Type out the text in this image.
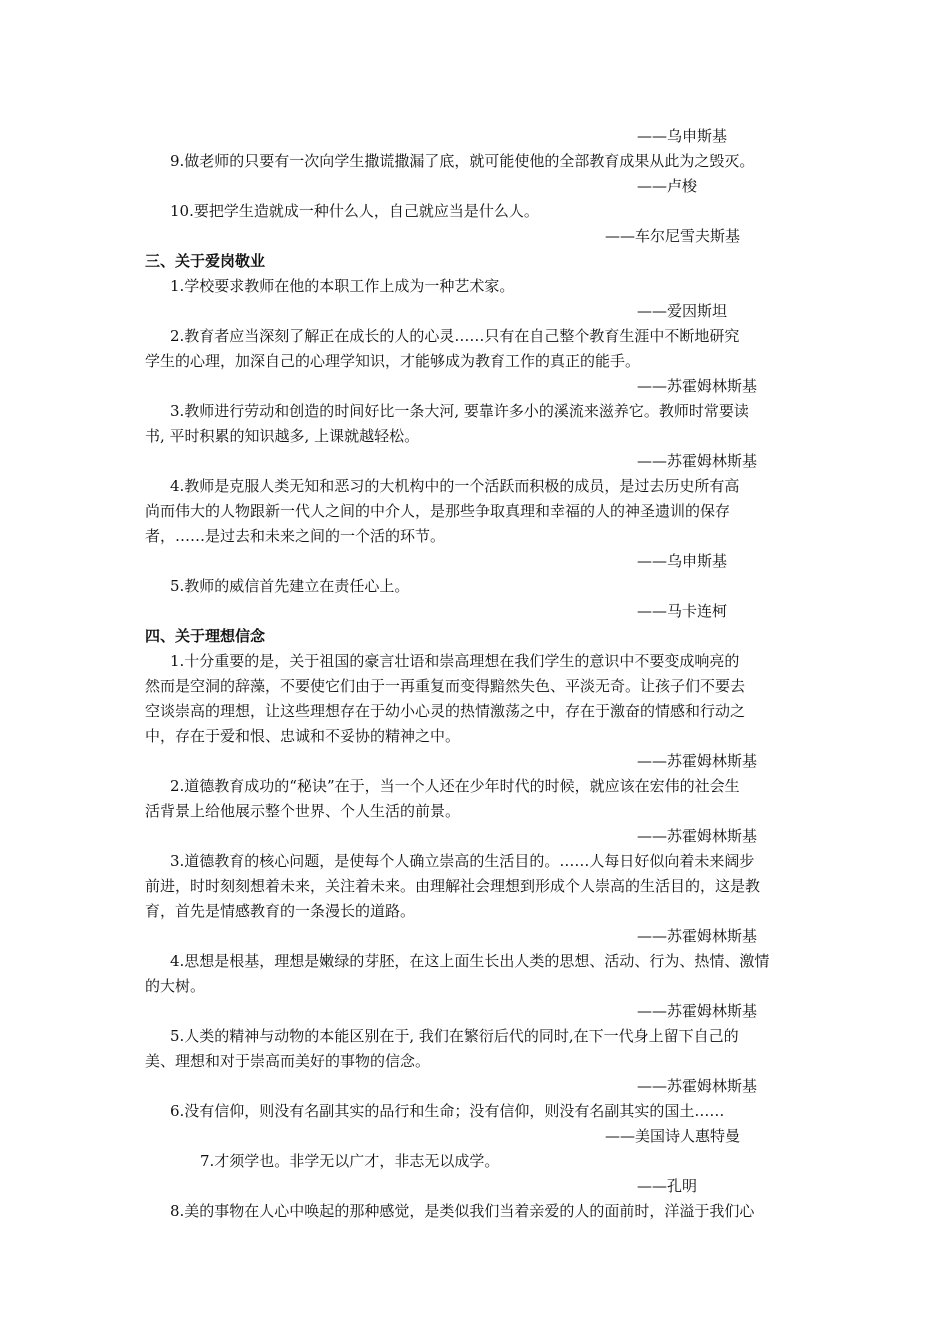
——乌申斯基
9.做老师的只要有一次向学生撒谎撒漏了底，就可能使他的全部教育成果从此为之毁灭。
——卢梭
10.要把学生造就成一种什么人，自己就应当是什么人。
——车尔尼雪夫斯基
三、关于爱岗敬业
1.学校要求教师在他的本职工作上成为一种艺术家。
——爱因斯坦
2.教育者应当深刻了解正在成长的人的心灵……只有在自己整个教育生涯中不断地研究
学生的心理，加深自己的心理学知识，才能够成为教育工作的真正的能手。
——苏霍姆林斯基
3.教师进行劳动和创造的时间好比一条大河, 要靠许多小的溪流来滋养它。教师时常要读
书, 平时积累的知识越多, 上课就越轻松。
——苏霍姆林斯基
4.教师是克服人类无知和恶习的大机构中的一个活跃而积极的成员，是过去历史所有高
尚而伟大的人物跟新一代人之间的中介人，是那些争取真理和幸福的人的神圣遗训的保存
者，……是过去和未来之间的一个活的环节。
——乌申斯基
5.教师的威信首先建立在责任心上。
——马卡连柯
四、关于理想信念
1.十分重要的是，关于祖国的豪言壮语和崇高理想在我们学生的意识中不要变成响亮的
然而是空洞的辞藻，不要使它们由于一再重复而变得黯然失色、平淡无奇。让孩子们不要去
空谈崇高的理想，让这些理想存在于幼小心灵的热情激荡之中，存在于激奋的情感和行动之
中，存在于爱和恨、忠诚和不妥协的精神之中。
——苏霍姆林斯基
2.道德教育成功的“秘诀”在于，当一个人还在少年时代的时候，就应该在宏伟的社会生
活背景上给他展示整个世界、个人生活的前景。
——苏霍姆林斯基
3.道德教育的核心问题，是使每个人确立崇高的生活目的。……人每日好似向着未来阔步
前进，时时刻刻想着未来，关注着未来。由理解社会理想到形成个人崇高的生活目的，这是教
育，首先是情感教育的一条漫长的道路。
——苏霍姆林斯基
4.思想是根基，理想是嫩绿的芽胚，在这上面生长出人类的思想、活动、行为、热情、激情
的大树。
——苏霍姆林斯基
5.人类的精神与动物的本能区别在于, 我们在繁衍后代的同时,在下一代身上留下自己的
美、理想和对于崇高而美好的事物的信念。
——苏霍姆林斯基
6.没有信仰，则没有名副其实的品行和生命；没有信仰，则没有名副其实的国土……
——美国诗人惠特曼
7.才须学也。非学无以广才，非志无以成学。
——孔明
8.美的事物在人心中唤起的那种感觉，是类似我们当着亲爱的人的面前时，洋溢于我们心
